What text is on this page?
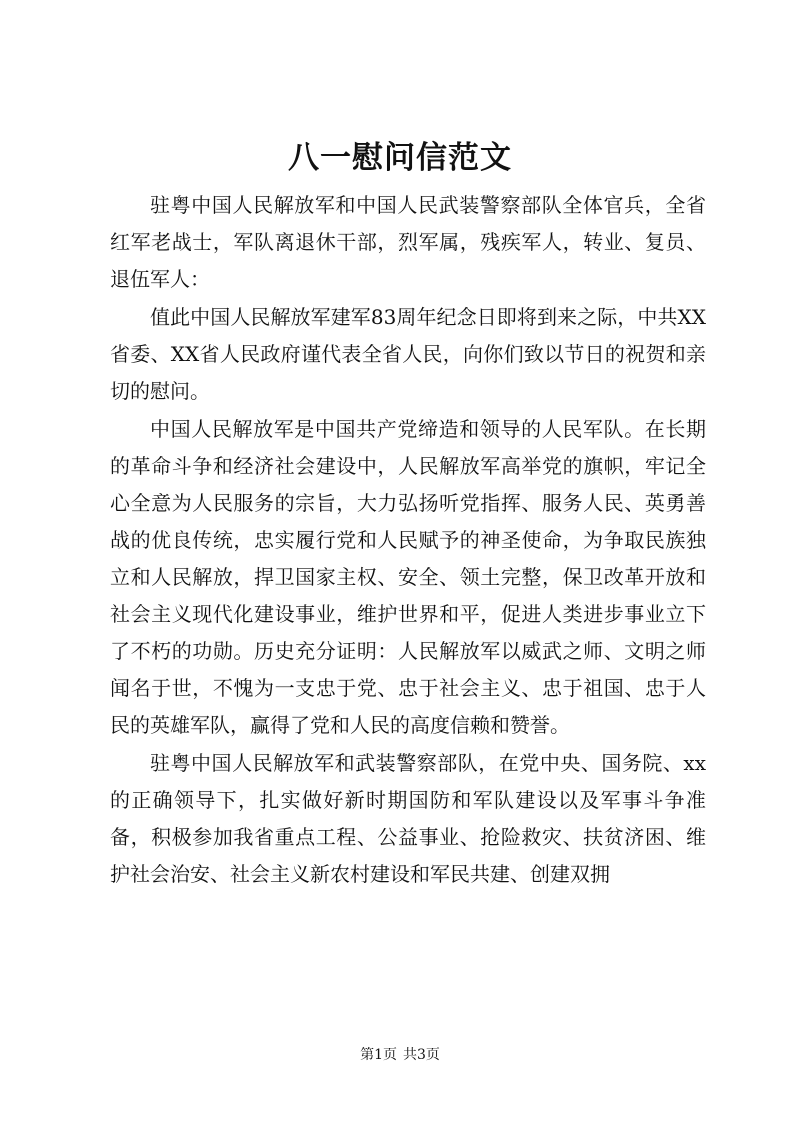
八一慰问信范文

驻粤中国人民解放军和中国人民武装警察部队全体官兵，全省红军老战士，军队离退休干部，烈军属，残疾军人，转业、复员、退伍军人：

值此中国人民解放军建军83周年纪念日即将到来之际，中共XX省委、XX省人民政府谨代表全省人民，向你们致以节日的祝贺和亲切的慰问。

中国人民解放军是中国共产党缔造和领导的人民军队。在长期的革命斗争和经济社会建设中，人民解放军高举党的旗帜，牢记全心全意为人民服务的宗旨，大力弘扬听党指挥、服务人民、英勇善战的优良传统，忠实履行党和人民赋予的神圣使命，为争取民族独立和人民解放，捍卫国家主权、安全、领土完整，保卫改革开放和社会主义现代化建设事业，维护世界和平，促进人类进步事业立下了不朽的功勋。历史充分证明：人民解放军以威武之师、文明之师闻名于世，不愧为一支忠于党、忠于社会主义、忠于祖国、忠于人民的英雄军队，赢得了党和人民的高度信赖和赞誉。

驻粤中国人民解放军和武装警察部队，在党中央、国务院、xx的正确领导下，扎实做好新时期国防和军队建设以及军事斗争准备，积极参加我省重点工程、公益事业、抢险救灾、扶贫济困、维护社会治安、社会主义新农村建设和军民共建、创建双拥

第1页 共3页
